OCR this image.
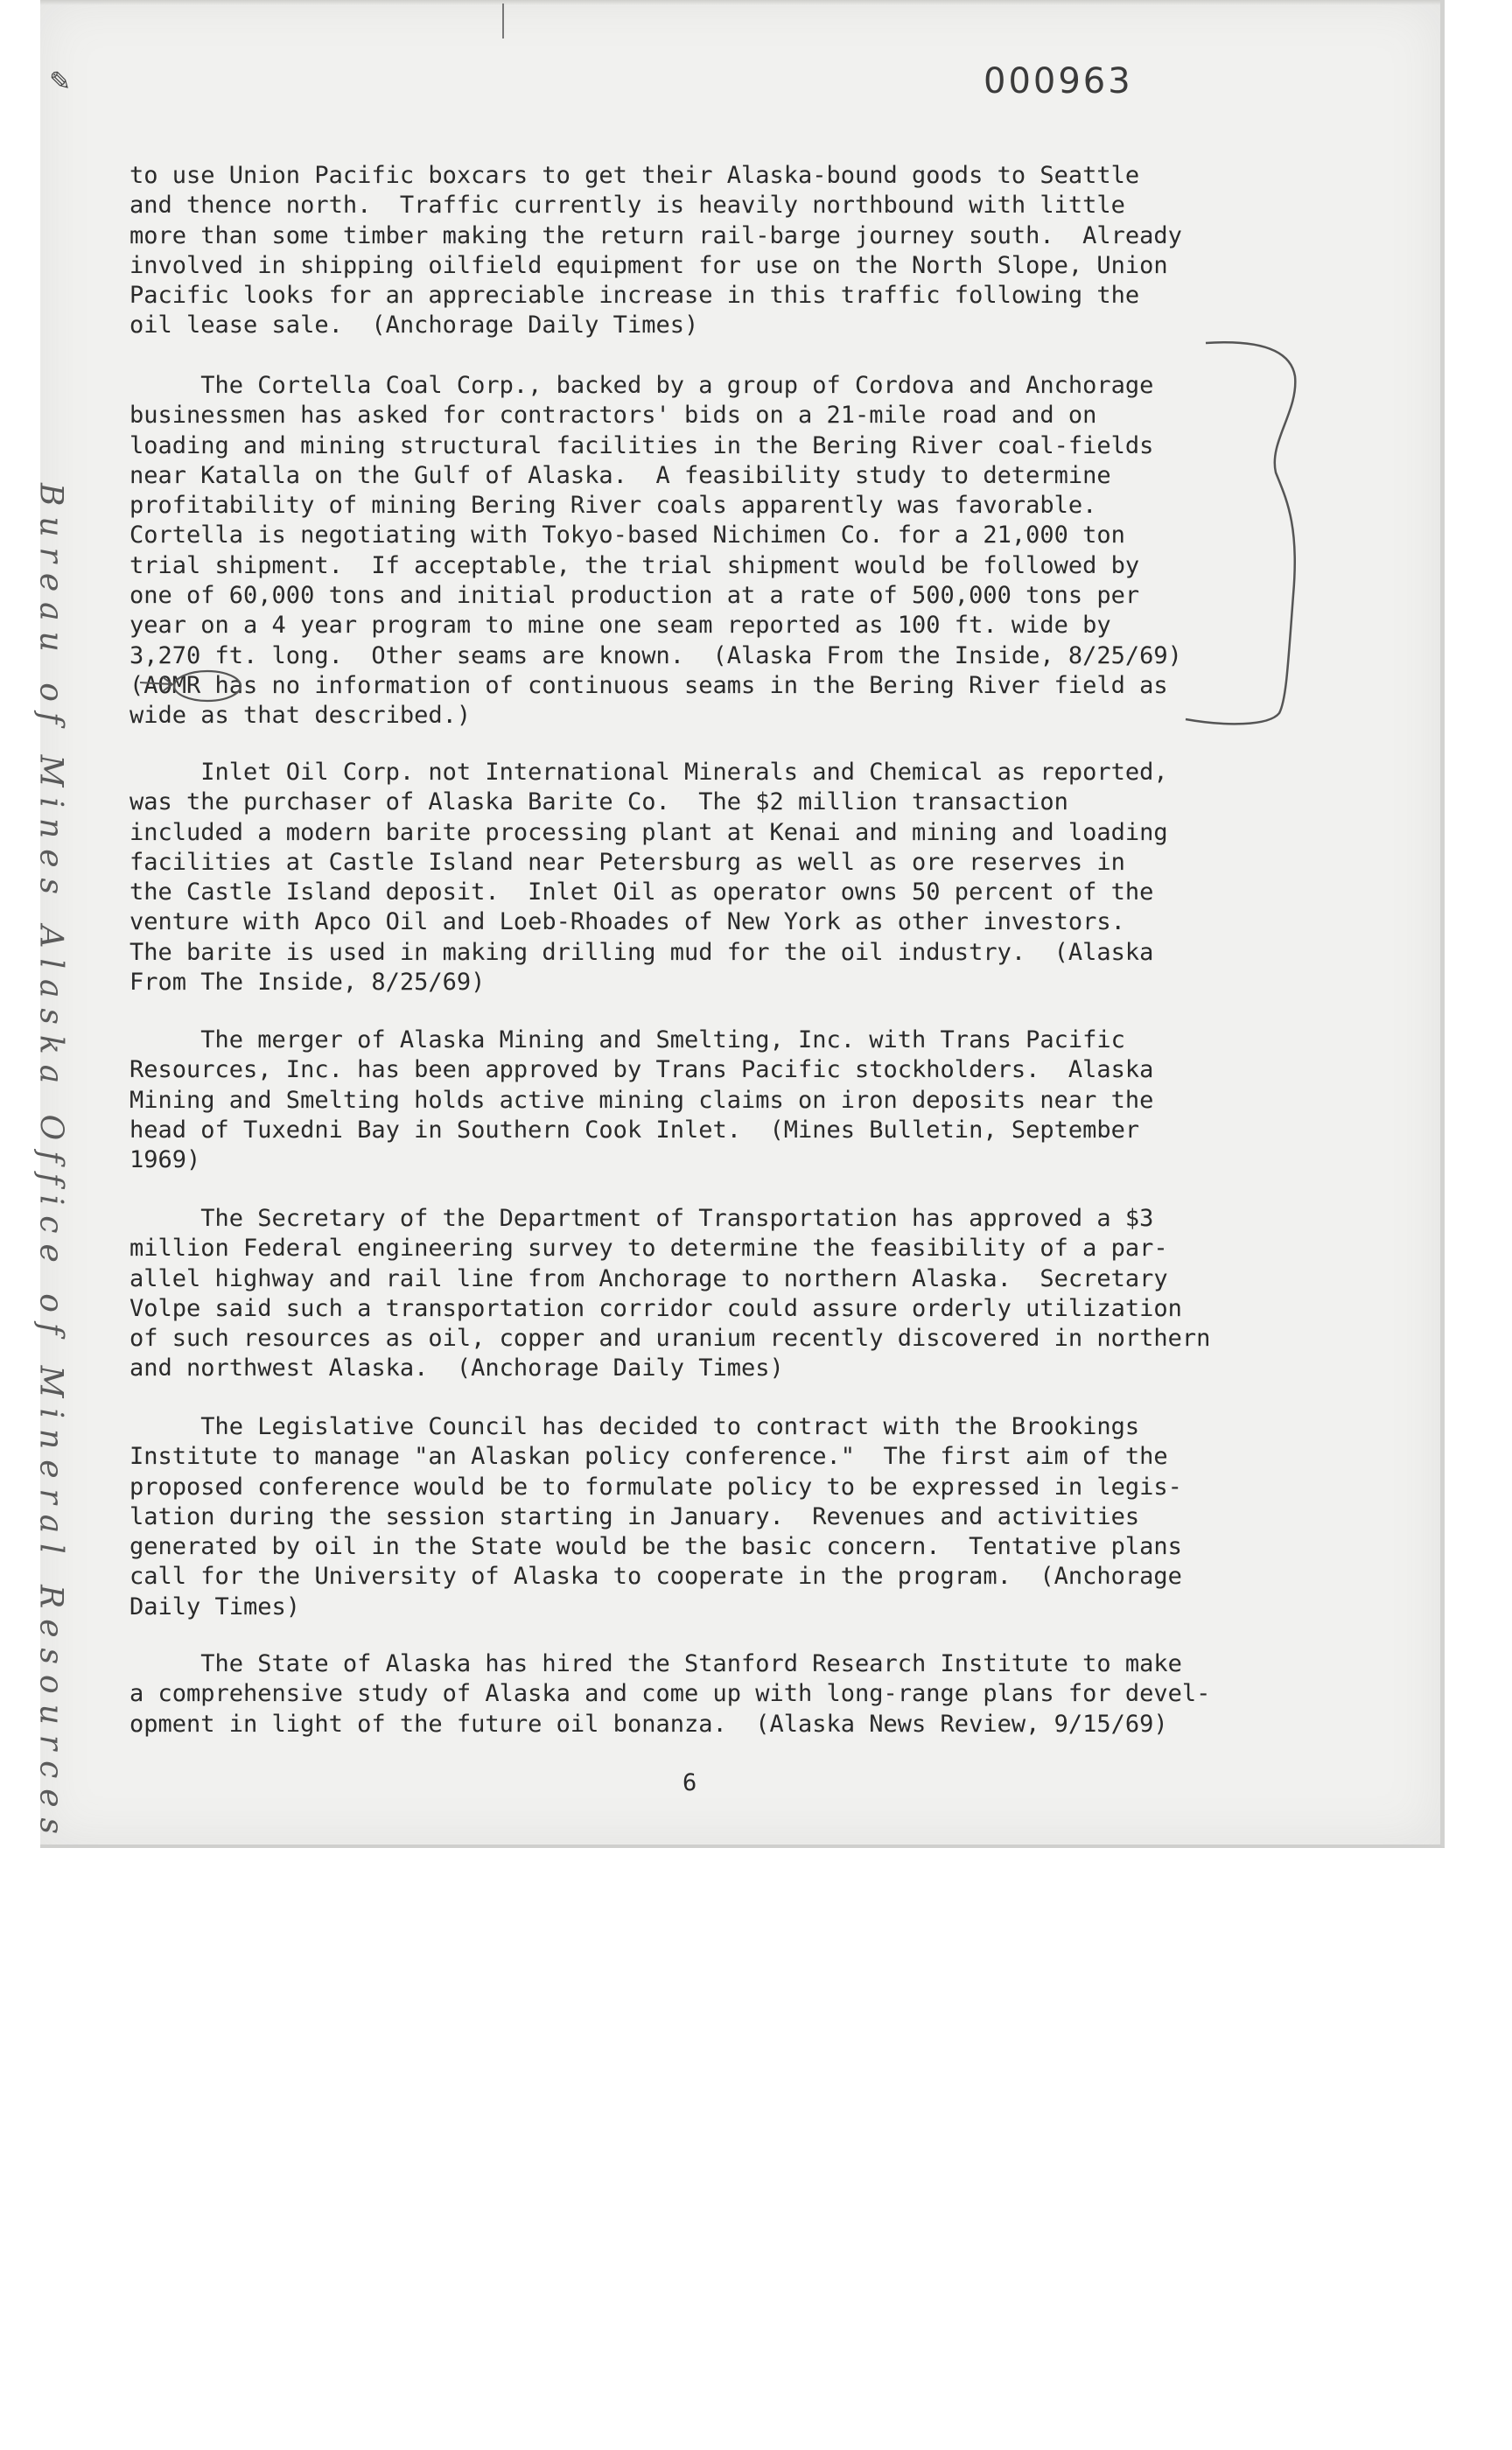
✎	000963

to use Union Pacific boxcars to get their Alaska-bound goods to Seattle
and thence north.  Traffic currently is heavily northbound with little
more than some timber making the return rail-barge journey south.  Already
involved in shipping oilfield equipment for use on the North Slope, Union
Pacific looks for an appreciable increase in this traffic following the
oil lease sale.  (Anchorage Daily Times)

The Cortella Coal Corp., backed by a group of Cordova and Anchorage
businessmen has asked for contractors' bids on a 21-mile road and on
loading and mining structural facilities in the Bering River coal-fields
near Katalla on the Gulf of Alaska.  A feasibility study to determine
profitability of mining Bering River coals apparently was favorable.
Cortella is negotiating with Tokyo-based Nichimen Co. for a 21,000 ton
trial shipment.  If acceptable, the trial shipment would be followed by
one of 60,000 tons and initial production at a rate of 500,000 tons per
year on a 4 year program to mine one seam reported as 100 ft. wide by
3,270 ft. long.  Other seams are known.  (Alaska From the Inside, 8/25/69)
(AOMR has no information of continuous seams in the Bering River field as
wide as that described.)

Inlet Oil Corp. not International Minerals and Chemical as reported,
was the purchaser of Alaska Barite Co.  The $2 million transaction
included a modern barite processing plant at Kenai and mining and loading
facilities at Castle Island near Petersburg as well as ore reserves in
the Castle Island deposit.  Inlet Oil as operator owns 50 percent of the
venture with Apco Oil and Loeb-Rhoades of New York as other investors.
The barite is used in making drilling mud for the oil industry.  (Alaska
From The Inside, 8/25/69)

The merger of Alaska Mining and Smelting, Inc. with Trans Pacific
Resources, Inc. has been approved by Trans Pacific stockholders.  Alaska
Mining and Smelting holds active mining claims on iron deposits near the
head of Tuxedni Bay in Southern Cook Inlet.  (Mines Bulletin, September
1969)

The Secretary of the Department of Transportation has approved a $3
million Federal engineering survey to determine the feasibility of a par-
allel highway and rail line from Anchorage to northern Alaska.  Secretary
Volpe said such a transportation corridor could assure orderly utilization
of such resources as oil, copper and uranium recently discovered in northern
and northwest Alaska.  (Anchorage Daily Times)

The Legislative Council has decided to contract with the Brookings
Institute to manage "an Alaskan policy conference."  The first aim of the
proposed conference would be to formulate policy to be expressed in legis-
lation during the session starting in January.  Revenues and activities
generated by oil in the State would be the basic concern.  Tentative plans
call for the University of Alaska to cooperate in the program.  (Anchorage
Daily Times)

The State of Alaska has hired the Stanford Research Institute to make
a comprehensive study of Alaska and come up with long-range plans for devel-
opment in light of the future oil bonanza.  (Alaska News Review, 9/15/69)

6
Bureau of Mines Alaska Office of Mineral Resources
